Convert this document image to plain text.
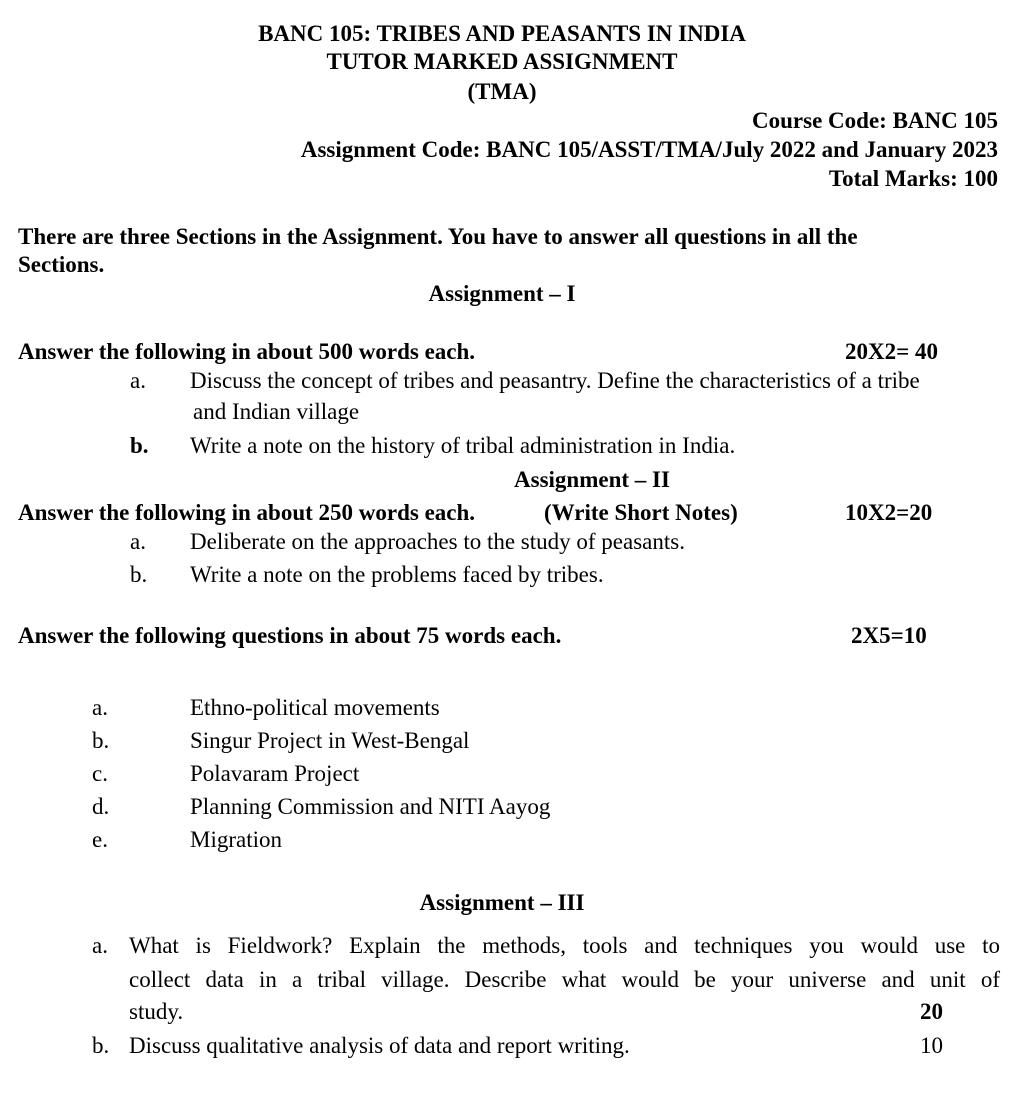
BANC 105: TRIBES AND PEASANTS IN INDIA
TUTOR MARKED ASSIGNMENT
(TMA)
Course Code: BANC 105
Assignment Code: BANC 105/ASST/TMA/July 2022 and January 2023
Total Marks: 100
There are three Sections in the Assignment. You have to answer all questions in all the
Sections.
Assignment – I
Answer the following in about 500 words each.	20X2= 40
a. Discuss the concept of tribes and peasantry. Define the characteristics of a tribe
and Indian village
b. Write a note on the history of tribal administration in India.
Assignment – II
Answer the following in about 250 words each.	(Write Short Notes)	10X2=20
a. Deliberate on the approaches to the study of peasants.
b. Write a note on the problems faced by tribes.
Answer the following questions in about 75 words each.	2X5=10
a.	Ethno-political movements
b.	Singur Project in West-Bengal
c.	Polavaram Project
d.	Planning Commission and NITI Aayog
e.	Migration
Assignment – III
a. What is Fieldwork? Explain the methods, tools and techniques you would use to
collect data in a tribal village. Describe what would be your universe and unit of
study.	20
b. Discuss qualitative analysis of data and report writing.	10
